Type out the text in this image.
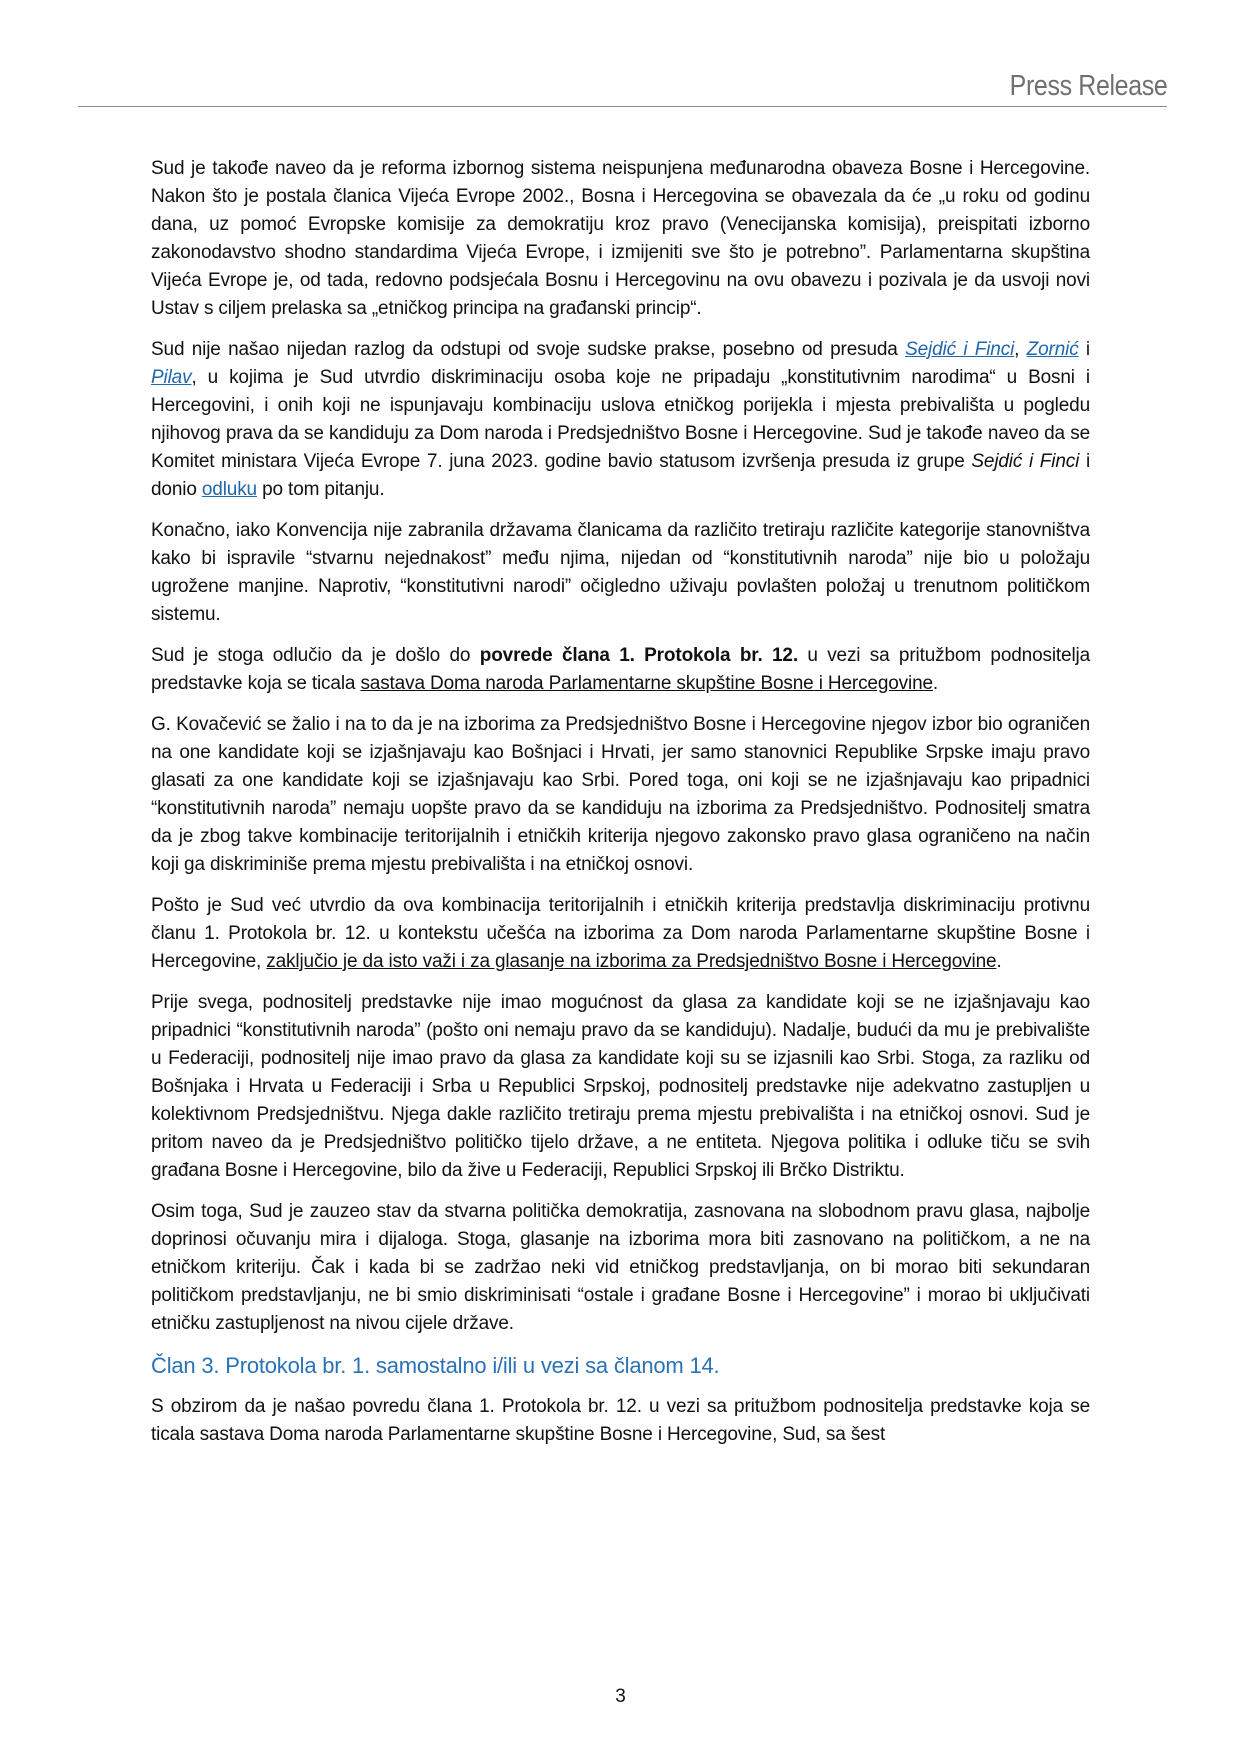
Press Release

Sud je takođe naveo da je reforma izbornog sistema neispunjena međunarodna obaveza Bosne i Hercegovine. Nakon što je postala članica Vijeća Evrope 2002., Bosna i Hercegovina se obavezala da će „u roku od godinu dana, uz pomoć Evropske komisije za demokratiju kroz pravo (Venecijanska komisija), preispitati izborno zakonodavstvo shodno standardima Vijeća Evrope, i izmijeniti sve što je potrebno”. Parlamentarna skupština Vijeća Evrope je, od tada, redovno podsjećala Bosnu i Hercegovinu na ovu obavezu i pozivala je da usvoji novi Ustav s ciljem prelaska sa „etničkog principa na građanski princip“.

Sud nije našao nijedan razlog da odstupi od svoje sudske prakse, posebno od presuda Sejdić i Finci, Zornić i Pilav, u kojima je Sud utvrdio diskriminaciju osoba koje ne pripadaju „konstitutivnim narodima“ u Bosni i Hercegovini, i onih koji ne ispunjavaju kombinaciju uslova etničkog porijekla i mjesta prebivališta u pogledu njihovog prava da se kandiduju za Dom naroda i Predsjedništvo Bosne i Hercegovine. Sud je takođe naveo da se Komitet ministara Vijeća Evrope 7. juna 2023. godine bavio statusom izvršenja presuda iz grupe Sejdić i Finci i donio odluku po tom pitanju.

Konačno, iako Konvencija nije zabranila državama članicama da različito tretiraju različite kategorije stanovništva kako bi ispravile “stvarnu nejednakost” među njima, nijedan od “konstitutivnih naroda” nije bio u položaju ugrožene manjine. Naprotiv, “konstitutivni narodi” očigledno uživaju povlašten položaj u trenutnom političkom sistemu.

Sud je stoga odlučio da je došlo do povrede člana 1. Protokola br. 12. u vezi sa pritužbom podnositelja predstavke koja se ticala sastava Doma naroda Parlamentarne skupštine Bosne i Hercegovine.

G. Kovačević se žalio i na to da je na izborima za Predsjedništvo Bosne i Hercegovine njegov izbor bio ograničen na one kandidate koji se izjašnjavaju kao Bošnjaci i Hrvati, jer samo stanovnici Republike Srpske imaju pravo glasati za one kandidate koji se izjašnjavaju kao Srbi. Pored toga, oni koji se ne izjašnjavaju kao pripadnici “konstitutivnih naroda” nemaju uopšte pravo da se kandiduju na izborima za Predsjedništvo. Podnositelj smatra da je zbog takve kombinacije teritorijalnih i etničkih kriterija njegovo zakonsko pravo glasa ograničeno na način koji ga diskriminiše prema mjestu prebivališta i na etničkoj osnovi.

Pošto je Sud već utvrdio da ova kombinacija teritorijalnih i etničkih kriterija predstavlja diskriminaciju protivnu članu 1. Protokola br. 12. u kontekstu učešća na izborima za Dom naroda Parlamentarne skupštine Bosne i Hercegovine, zaključio je da isto važi i za glasanje na izborima za Predsjedništvo Bosne i Hercegovine.

Prije svega, podnositelj predstavke nije imao mogućnost da glasa za kandidate koji se ne izjašnjavaju kao pripadnici “konstitutivnih naroda” (pošto oni nemaju pravo da se kandiduju). Nadalje, budući da mu je prebivalište u Federaciji, podnositelj nije imao pravo da glasa za kandidate koji su se izjasnili kao Srbi. Stoga, za razliku od Bošnjaka i Hrvata u Federaciji i Srba u Republici Srpskoj, podnositelj predstavke nije adekvatno zastupljen u kolektivnom Predsjedništvu. Njega dakle različito tretiraju prema mjestu prebivališta i na etničkoj osnovi. Sud je pritom naveo da je Predsjedništvo političko tijelo države, a ne entiteta. Njegova politika i odluke tiču se svih građana Bosne i Hercegovine, bilo da žive u Federaciji, Republici Srpskoj ili Brčko Distriktu.

Osim toga, Sud je zauzeo stav da stvarna politička demokratija, zasnovana na slobodnom pravu glasa, najbolje doprinosi očuvanju mira i dijaloga. Stoga, glasanje na izborima mora biti zasnovano na političkom, a ne na etničkom kriteriju. Čak i kada bi se zadržao neki vid etničkog predstavljanja, on bi morao biti sekundaran političkom predstavljanju, ne bi smio diskriminisati “ostale i građane Bosne i Hercegovine” i morao bi uključivati etničku zastupljenost na nivou cijele države.

Član 3. Protokola br. 1. samostalno i/ili u vezi sa članom 14.

S obzirom da je našao povredu člana 1. Protokola br. 12. u vezi sa pritužbom podnositelja predstavke koja se ticala sastava Doma naroda Parlamentarne skupštine Bosne i Hercegovine, Sud, sa šest

3
